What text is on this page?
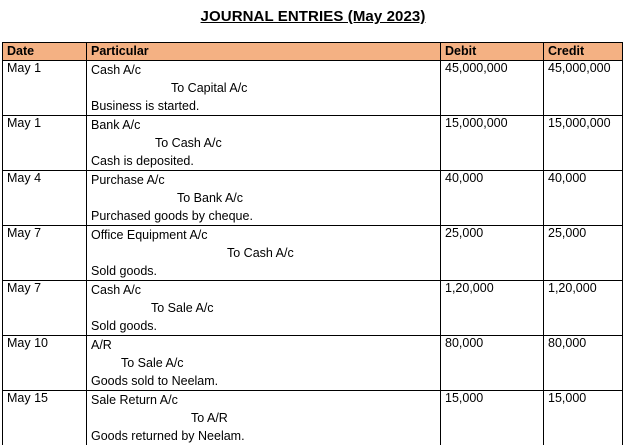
JOURNAL ENTRIES (May 2023)
Date	Particular	Debit	Credit
May 1	Cash A/c
To Capital A/c
Business is started.	45,000,000	45,000,000
May 1	Bank A/c
To Cash A/c
Cash is deposited.	15,000,000	15,000,000
May 4	Purchase A/c
To Bank A/c
Purchased goods by cheque.	40,000	40,000
May 7	Office Equipment A/c
To Cash A/c
Sold goods.	25,000	25,000
May 7	Cash A/c
To Sale A/c
Sold goods.	1,20,000	1,20,000
May 10	A/R
To Sale A/c
Goods sold to Neelam.	80,000	80,000
May 15	Sale Return A/c
To A/R
Goods returned by Neelam.	15,000	15,000
